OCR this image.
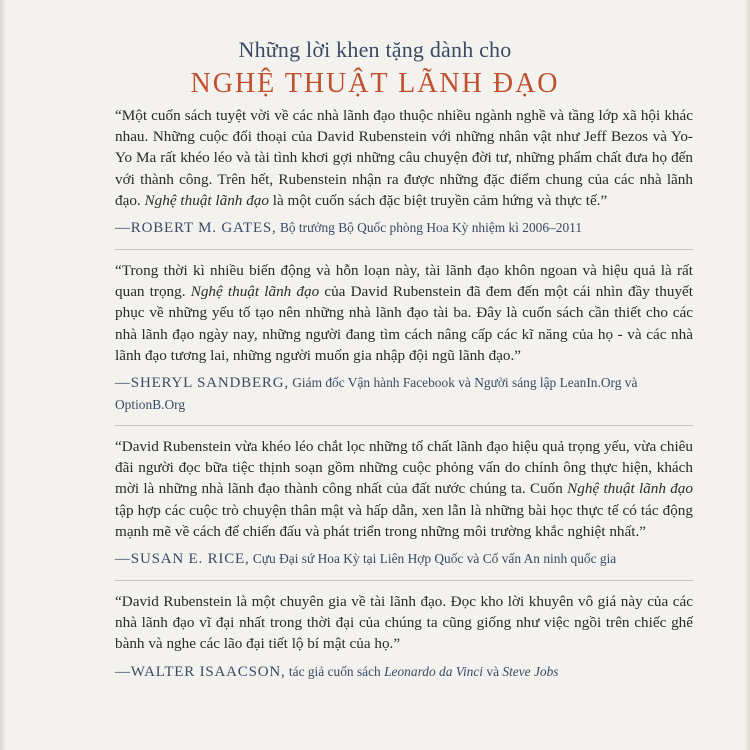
Những lời khen tặng dành cho
NGHỆ THUẬT LÃNH ĐẠO

“Một cuốn sách tuyệt vời về các nhà lãnh đạo thuộc nhiều ngành nghề và tầng lớp xã hội khác nhau. Những cuộc đối thoại của David Rubenstein với những nhân vật như Jeff Bezos và Yo-Yo Ma rất khéo léo và tài tình khơi gợi những câu chuyện đời tư, những phẩm chất đưa họ đến với thành công. Trên hết, Rubenstein nhận ra được những đặc điểm chung của các nhà lãnh đạo. Nghệ thuật lãnh đạo là một cuốn sách đặc biệt truyền cảm hứng và thực tế.”

—ROBERT M. GATES, Bộ trưởng Bộ Quốc phòng Hoa Kỳ nhiệm kì 2006–2011

“Trong thời kì nhiều biến động và hỗn loạn này, tài lãnh đạo khôn ngoan và hiệu quả là rất quan trọng. Nghệ thuật lãnh đạo của David Rubenstein đã đem đến một cái nhìn đầy thuyết phục về những yếu tố tạo nên những nhà lãnh đạo tài ba. Đây là cuốn sách cần thiết cho các nhà lãnh đạo ngày nay, những người đang tìm cách nâng cấp các kĩ năng của họ - và các nhà lãnh đạo tương lai, những người muốn gia nhập đội ngũ lãnh đạo.”

—SHERYL SANDBERG, Giám đốc Vận hành Facebook và Người sáng lập LeanIn.Org và OptionB.Org

“David Rubenstein vừa khéo léo chắt lọc những tố chất lãnh đạo hiệu quả trọng yếu, vừa chiêu đãi người đọc bữa tiệc thịnh soạn gồm những cuộc phỏng vấn do chính ông thực hiện, khách mời là những nhà lãnh đạo thành công nhất của đất nước chúng ta. Cuốn Nghệ thuật lãnh đạo tập hợp các cuộc trò chuyện thân mật và hấp dẫn, xen lẫn là những bài học thực tế có tác động mạnh mẽ về cách để chiến đấu và phát triển trong những môi trường khắc nghiệt nhất.”

—SUSAN E. RICE, Cựu Đại sứ Hoa Kỳ tại Liên Hợp Quốc và Cố vấn An ninh quốc gia

“David Rubenstein là một chuyên gia về tài lãnh đạo. Đọc kho lời khuyên vô giá này của các nhà lãnh đạo vĩ đại nhất trong thời đại của chúng ta cũng giống như việc ngồi trên chiếc ghế bành và nghe các lão đại tiết lộ bí mật của họ.”

—WALTER ISAACSON, tác giả cuốn sách Leonardo da Vinci và Steve Jobs
